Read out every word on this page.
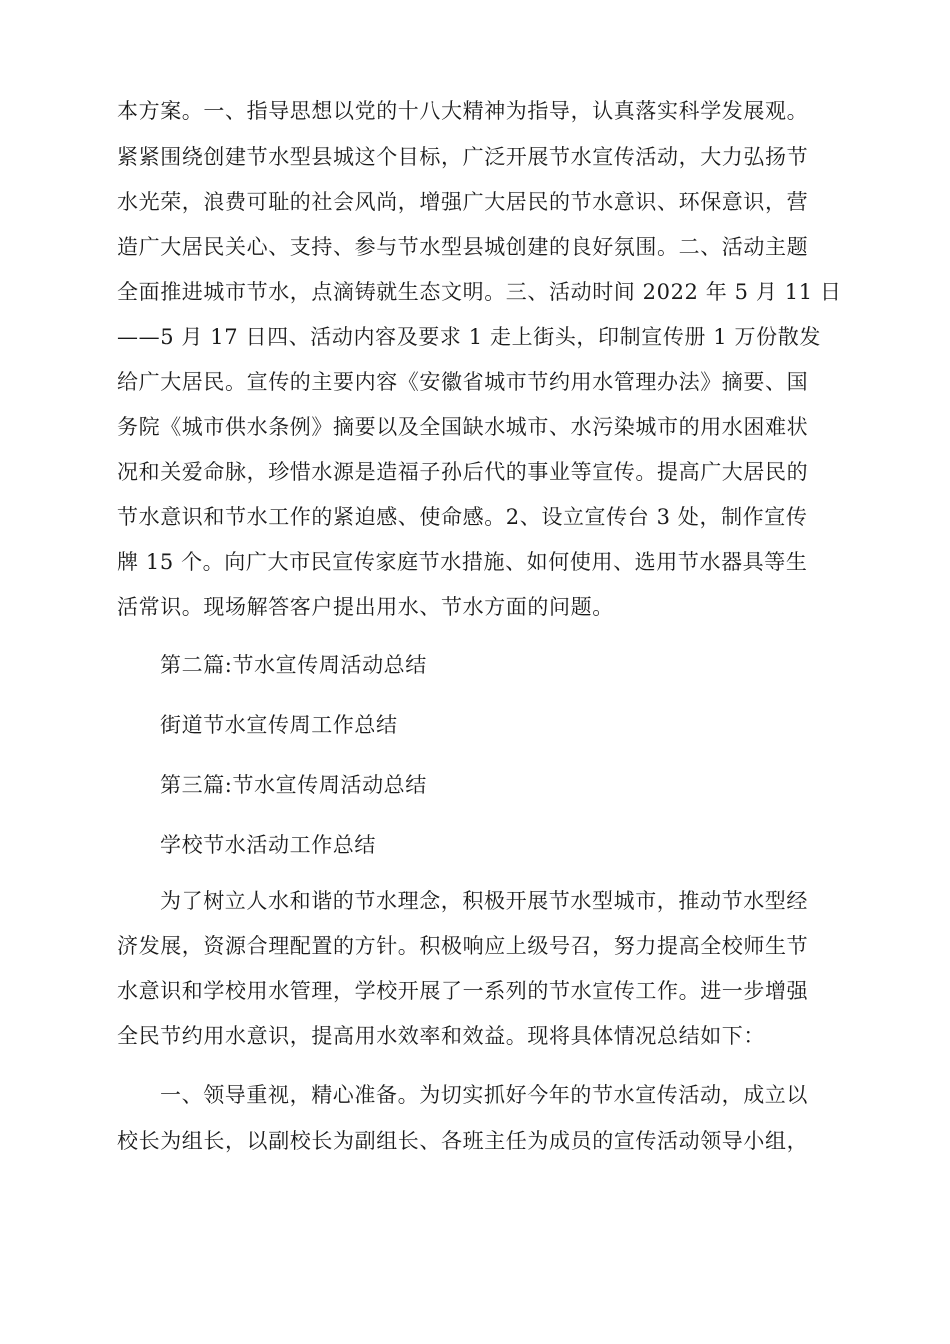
本方案。一、指导思想以党的十八大精神为指导，认真落实科学发展观。
紧紧围绕创建节水型县城这个目标，广泛开展节水宣传活动，大力弘扬节
水光荣，浪费可耻的社会风尚，增强广大居民的节水意识、环保意识，营
造广大居民关心、支持、参与节水型县城创建的良好氛围。二、活动主题
全面推进城市节水，点滴铸就生态文明。三、活动时间 2022 年 5 月 11 日
——5 月 17 日四、活动内容及要求 1 走上街头，印制宣传册 1 万份散发
给广大居民。宣传的主要内容《安徽省城市节约用水管理办法》摘要、国
务院《城市供水条例》摘要以及全国缺水城市、水污染城市的用水困难状
况和关爱命脉，珍惜水源是造福子孙后代的事业等宣传。提高广大居民的
节水意识和节水工作的紧迫感、使命感。2、设立宣传台 3 处，制作宣传
牌 15 个。向广大市民宣传家庭节水措施、如何使用、选用节水器具等生
活常识。现场解答客户提出用水、节水方面的问题。
第二篇:节水宣传周活动总结
街道节水宣传周工作总结
第三篇:节水宣传周活动总结
学校节水活动工作总结
为了树立人水和谐的节水理念，积极开展节水型城市，推动节水型经
济发展，资源合理配置的方针。积极响应上级号召，努力提高全校师生节
水意识和学校用水管理，学校开展了一系列的节水宣传工作。进一步增强
全民节约用水意识，提高用水效率和效益。现将具体情况总结如下：
一、领导重视，精心准备。为切实抓好今年的节水宣传活动，成立以
校长为组长，以副校长为副组长、各班主任为成员的宣传活动领导小组，
